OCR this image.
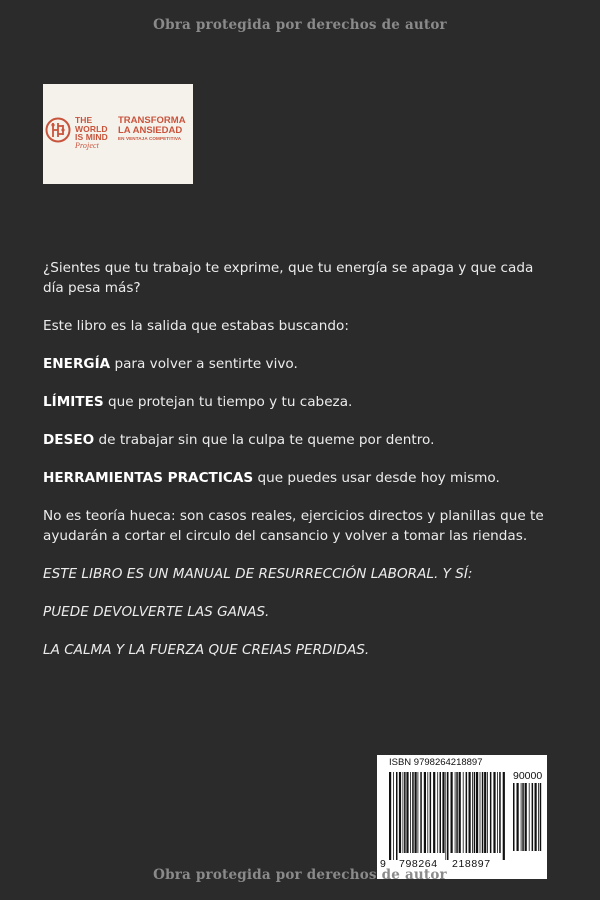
Obra protegida por derechos de autor
THE
WORLD
IS MIND
Project
TRANSFORMA
LA ANSIEDAD
EN VENTAJA COMPETITIVA

¿Sientes que tu trabajo te exprime, que tu energía se apaga y que cada día pesa más?

Este libro es la salida que estabas buscando:

ENERGÍA para volver a sentirte vivo.

LÍMITES que protejan tu tiempo y tu cabeza.

DESEO de trabajar sin que la culpa te queme por dentro.

HERRAMIENTAS PRACTICAS que puedes usar desde hoy mismo.

No es teoría hueca: son casos reales, ejercicios directos y planillas que te ayudarán a cortar el circulo del cansancio y volver a tomar las riendas.

ESTE LIBRO ES UN MANUAL DE RESURRECCIÓN LABORAL. Y SÍ:

PUEDE DEVOLVERTE LAS GANAS.

LA CALMA Y LA FUERZA QUE CREIAS PERDIDAS.

ISBN 9798264218897
90000
9 798264 218897
Obra protegida por derechos de autor
